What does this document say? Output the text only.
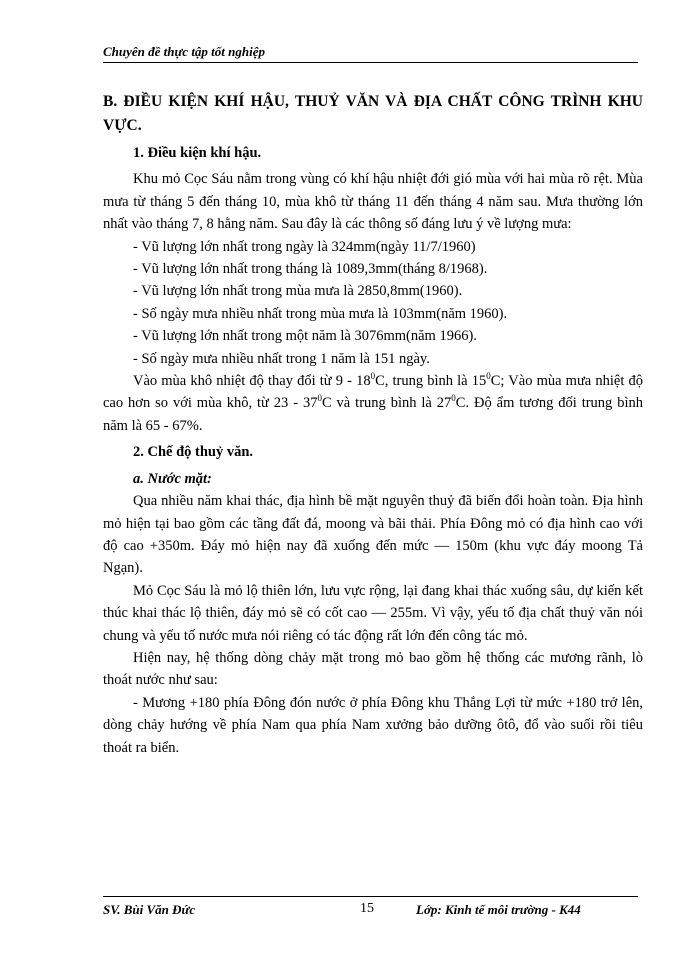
Chuyên đề thực tập tốt nghiệp

B. ĐIỀU KIỆN KHÍ HẬU, THUỶ VĂN VÀ ĐỊA CHẤT CÔNG TRÌNH KHU VỰC.

1. Điều kiện khí hậu.

Khu mỏ Cọc Sáu nằm trong vùng có khí hậu nhiệt đới gió mùa với hai mùa rõ rệt. Mùa mưa từ tháng 5 đến tháng 10, mùa khô từ tháng 11 đến tháng 4 năm sau. Mưa thường lớn nhất vào tháng 7, 8 hằng năm. Sau đây là các thông số đáng lưu ý về lượng mưa:

- Vũ lượng lớn nhất trong ngày là 324mm(ngày 11/7/1960)

- Vũ lượng lớn nhất trong tháng là 1089,3mm(tháng 8/1968).

- Vũ lượng lớn nhất trong mùa mưa là 2850,8mm(1960).

- Số ngày mưa nhiều nhất trong mùa mưa là 103mm(năm 1960).

- Vũ lượng lớn nhất trong một năm là 3076mm(năm 1966).

- Số ngày mưa nhiều nhất trong 1 năm là 151 ngày.

Vào mùa khô nhiệt độ thay đổi từ $9 - 18^0C$, trung bình là $15^0C$; Vào mùa mưa nhiệt độ cao hơn so với mùa khô, từ $23 - 37^0C$ và trung bình là $27^0C$. Độ ẩm tương đối trung bình năm là 65 - 67%.

2. Chế độ thuỷ văn.

a. Nước mặt:

Qua nhiều năm khai thác, địa hình bề mặt nguyên thuỷ đã biến đổi hoàn toàn. Địa hình mỏ hiện tại bao gồm các tầng đất đá, moong và bãi thải. Phía Đông mỏ có địa hình cao với độ cao +350m. Đáy mỏ hiện nay đã xuống đến mức — 150m (khu vực đáy moong Tả Ngạn).

Mỏ Cọc Sáu là mỏ lộ thiên lớn, lưu vực rộng, lại đang khai thác xuống sâu, dự kiến kết thúc khai thác lộ thiên, đáy mỏ sẽ có cốt cao — 255m. Vì vậy, yếu tố địa chất thuỷ văn nói chung và yếu tố nước mưa nói riêng có tác động rất lớn đến công tác mỏ.

Hiện nay, hệ thống dòng chảy mặt trong mỏ bao gồm hệ thống các mương rãnh, lò thoát nước như sau:

- Mương +180 phía Đông đón nước ở phía Đông khu Thắng Lợi từ mức +180 trở lên, dòng chảy hướng về phía Nam qua phía Nam xưởng bảo dưỡng ôtô, đổ vào suối rồi tiêu thoát ra biển.

SV. Bùi Văn Đức	15	Lớp: Kinh tế môi trường - K44
